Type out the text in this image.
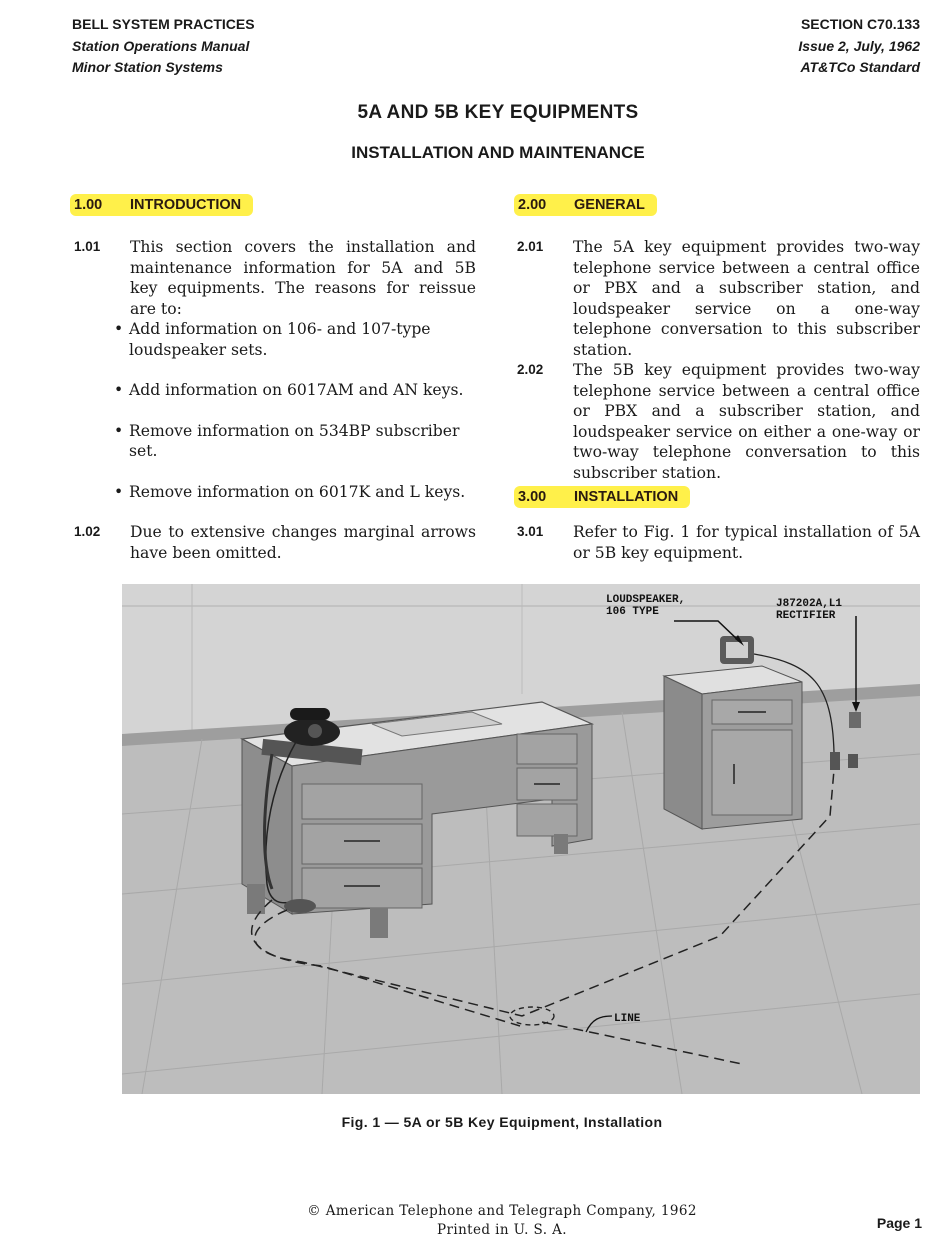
BELL SYSTEM PRACTICES
Station Operations Manual
Minor Station Systems
SECTION C70.133
Issue 2, July, 1962
AT&TCo Standard
5A AND 5B KEY EQUIPMENTS
INSTALLATION AND MAINTENANCE
1.00 INTRODUCTION
1.01	This section covers the installation and maintenance information for 5A and 5B key equipments. The reasons for reissue are to:
• Add information on 106- and 107-type loudspeaker sets.
• Add information on 6017AM and AN keys.
• Remove information on 534BP subscriber set.
• Remove information on 6017K and L keys.
1.02	Due to extensive changes marginal arrows have been omitted.
2.00 GENERAL
2.01	The 5A key equipment provides two-way telephone service between a central office or PBX and a subscriber station, and loudspeaker service on a one-way telephone conversation to this subscriber station.
2.02	The 5B key equipment provides two-way telephone service between a central office or PBX and a subscriber station, and loudspeaker service on either a one-way or two-way telephone conversation to this subscriber station.
3.00 INSTALLATION
3.01	Refer to Fig. 1 for typical installation of 5A or 5B key equipment.
LOUDSPEAKER,
106 TYPE
J87202A,L1
RECTIFIER
LINE
Fig. 1 — 5A or 5B Key Equipment, Installation
© American Telephone and Telegraph Company, 1962
Printed in U. S. A.	Page 1
